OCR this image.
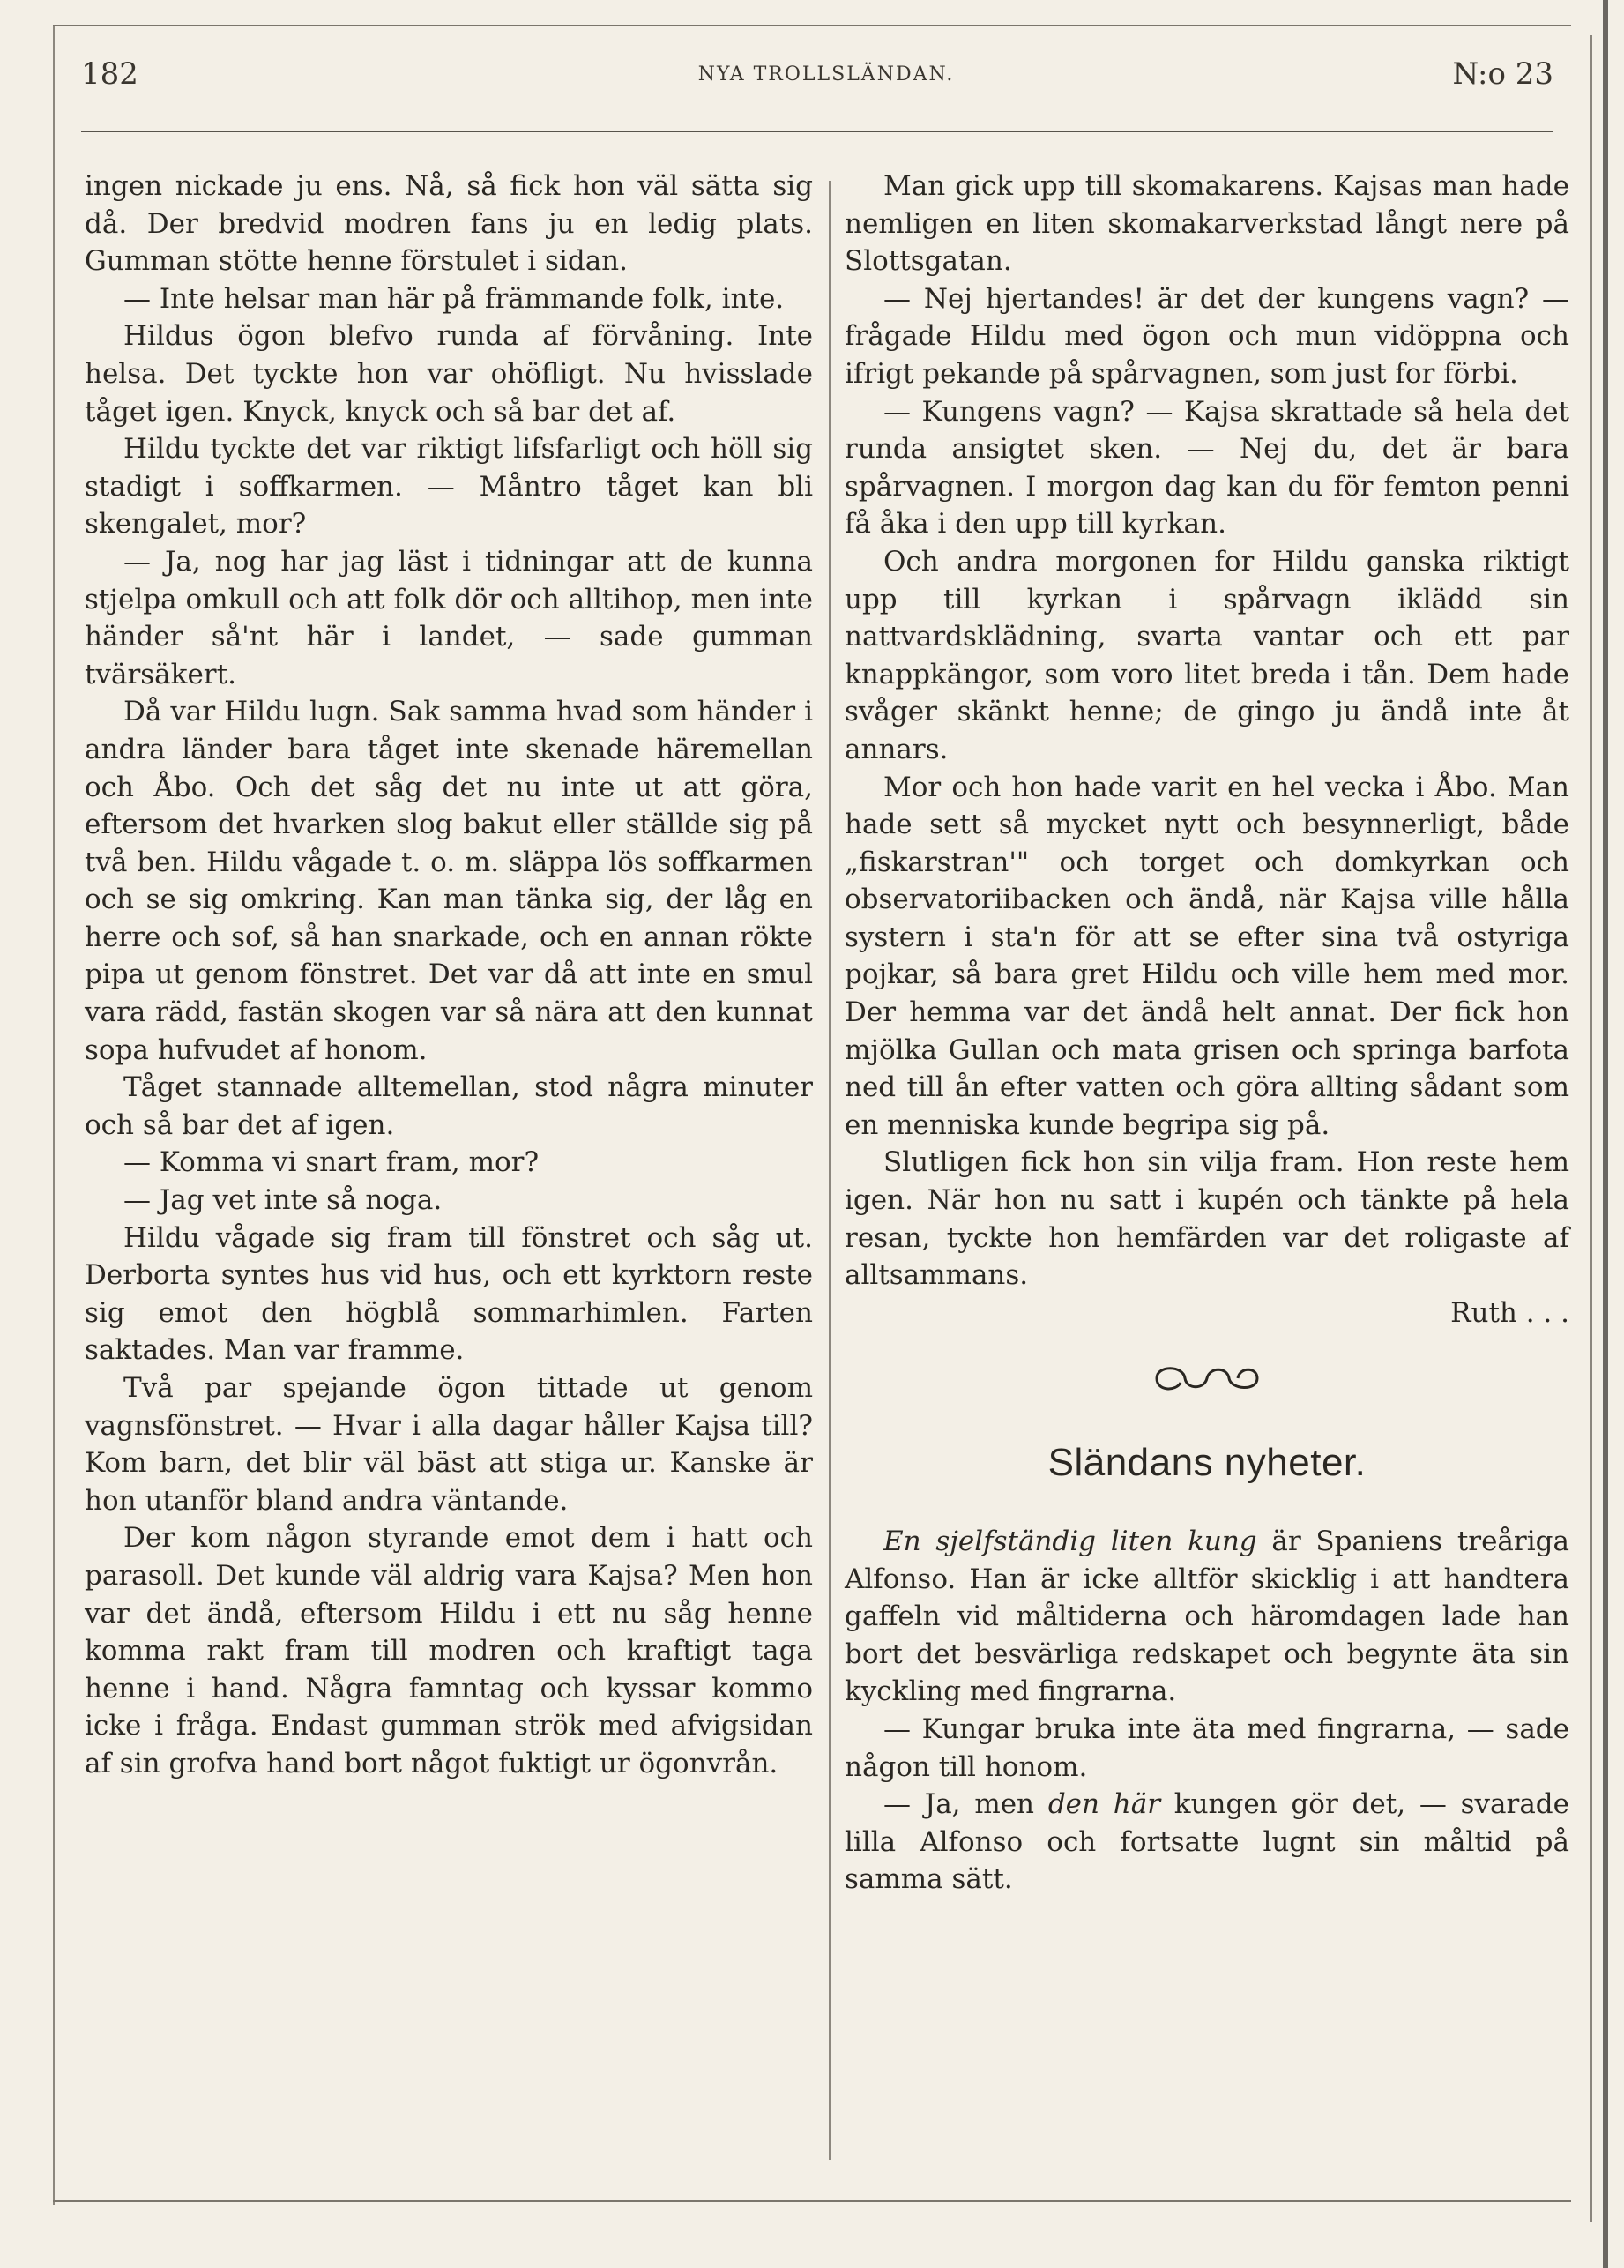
182	NYA TROLLSLÄNDAN.	N:o 23

ingen nickade ju ens. Nå, så fick hon väl sätta sig då. Der bredvid modren fans ju en ledig plats. Gumman stötte henne förstulet i sidan.

— Inte helsar man här på främmande folk, inte.

Hildus ögon blefvo runda af förvåning. Inte helsa. Det tyckte hon var ohöfligt. Nu hvisslade tåget igen. Knyck, knyck och så bar det af.

Hildu tyckte det var riktigt lifsfarligt och höll sig stadigt i soffkarmen. — Måntro tåget kan bli skengalet, mor?

— Ja, nog har jag läst i tidningar att de kunna stjelpa omkull och att folk dör och alltihop, men inte händer så'nt här i landet, — sade gumman tvärsäkert.

Då var Hildu lugn. Sak samma hvad som händer i andra länder bara tåget inte skenade häremellan och Åbo. Och det såg det nu inte ut att göra, eftersom det hvarken slog bakut eller ställde sig på två ben. Hildu vågade t. o. m. släppa lös soffkarmen och se sig omkring. Kan man tänka sig, der låg en herre och sof, så han snarkade, och en annan rökte pipa ut genom fönstret. Det var då att inte en smul vara rädd, fastän skogen var så nära att den kunnat sopa hufvudet af honom.

Tåget stannade alltemellan, stod några minuter och så bar det af igen.

— Komma vi snart fram, mor?

— Jag vet inte så noga.

Hildu vågade sig fram till fönstret och såg ut. Derborta syntes hus vid hus, och ett kyrktorn reste sig emot den högblå sommarhimlen. Farten saktades. Man var framme.

Två par spejande ögon tittade ut genom vagnsfönstret. — Hvar i alla dagar håller Kajsa till? Kom barn, det blir väl bäst att stiga ur. Kanske är hon utanför bland andra väntande.

Der kom någon styrande emot dem i hatt och parasoll. Det kunde väl aldrig vara Kajsa? Men hon var det ändå, eftersom Hildu i ett nu såg henne komma rakt fram till modren och kraftigt taga henne i hand. Några famntag och kyssar kommo icke i fråga. Endast gumman strök med afvigsidan af sin grofva hand bort något fuktigt ur ögonvrån.

Man gick upp till skomakarens. Kajsas man hade nemligen en liten skomakarverkstad långt nere på Slottsgatan.

— Nej hjertandes! är det der kungens vagn? — frågade Hildu med ögon och mun vidöppna och ifrigt pekande på spårvagnen, som just for förbi.

— Kungens vagn? — Kajsa skrattade så hela det runda ansigtet sken. — Nej du, det är bara spårvagnen. I morgon dag kan du för femton penni få åka i den upp till kyrkan.

Och andra morgonen for Hildu ganska riktigt upp till kyrkan i spårvagn iklädd sin nattvardsklädning, svarta vantar och ett par knappkängor, som voro litet breda i tån. Dem hade svåger skänkt henne; de gingo ju ändå inte åt annars.

Mor och hon hade varit en hel vecka i Åbo. Man hade sett så mycket nytt och besynnerligt, både „fiskarstran'" och torget och domkyrkan och observatoriibacken och ändå, när Kajsa ville hålla systern i sta'n för att se efter sina två ostyriga pojkar, så bara gret Hildu och ville hem med mor. Der hemma var det ändå helt annat. Der fick hon mjölka Gullan och mata grisen och springa barfota ned till ån efter vatten och göra allting sådant som en menniska kunde begripa sig på.

Slutligen fick hon sin vilja fram. Hon reste hem igen. När hon nu satt i kupén och tänkte på hela resan, tyckte hon hemfärden var det roligaste af alltsammans.

Ruth . . .

Sländans nyheter.

En sjelfständig liten kung är Spaniens treåriga Alfonso. Han är icke alltför skicklig i att handtera gaffeln vid måltiderna och häromdagen lade han bort det besvärliga redskapet och begynte äta sin kyckling med fingrarna.

— Kungar bruka inte äta med fingrarna, — sade någon till honom.

— Ja, men den här kungen gör det, — svarade lilla Alfonso och fortsatte lugnt sin måltid på samma sätt.
